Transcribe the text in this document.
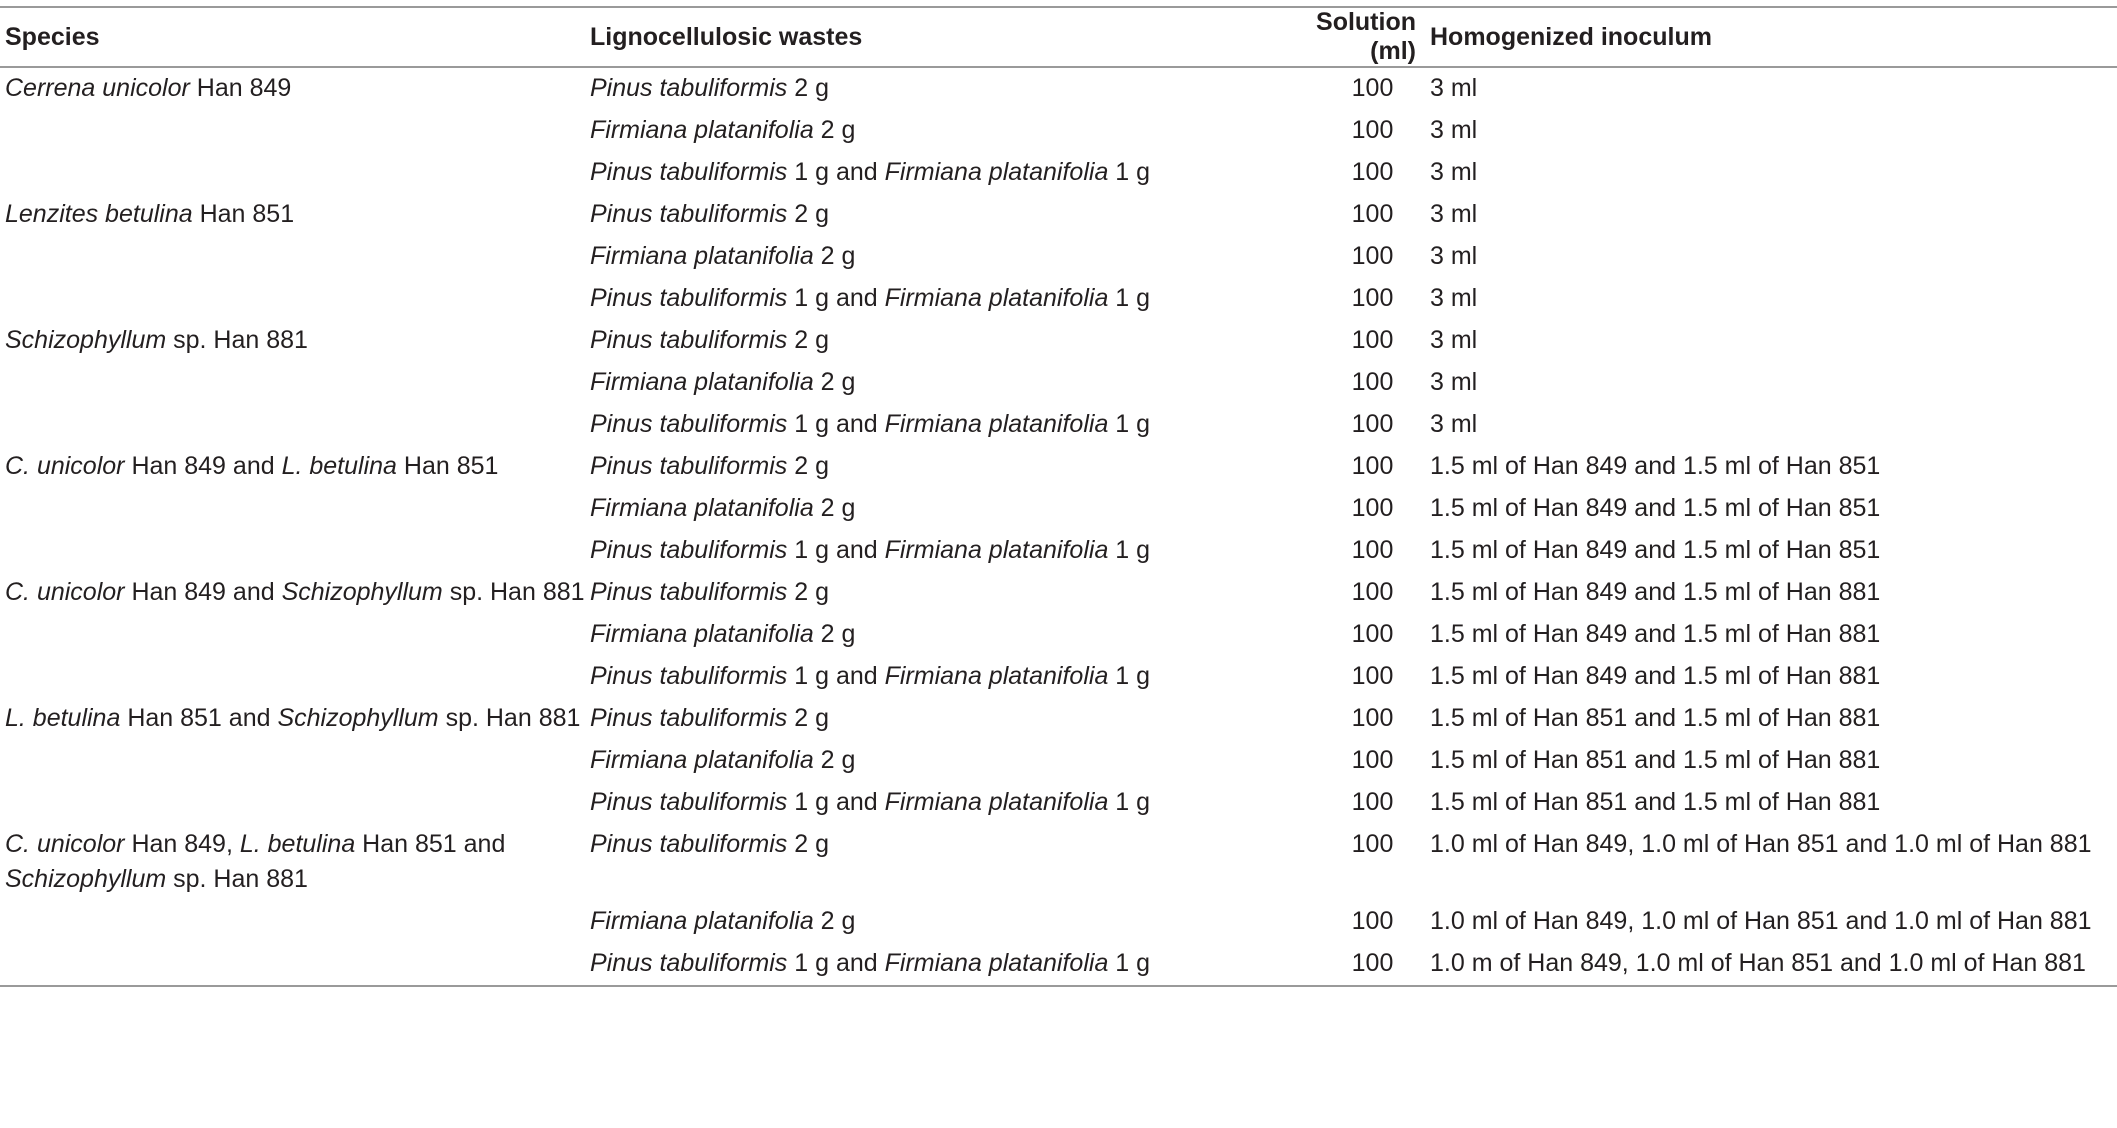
Species	Lignocellulosic wastes	Solution (ml)	Homogenized inoculum
Cerrena unicolor Han 849	Pinus tabuliformis 2 g	100	3 ml
	Firmiana platanifolia 2 g	100	3 ml
	Pinus tabuliformis 1 g and Firmiana platanifolia 1 g	100	3 ml
Lenzites betulina Han 851	Pinus tabuliformis 2 g	100	3 ml
	Firmiana platanifolia 2 g	100	3 ml
	Pinus tabuliformis 1 g and Firmiana platanifolia 1 g	100	3 ml
Schizophyllum sp. Han 881	Pinus tabuliformis 2 g	100	3 ml
	Firmiana platanifolia 2 g	100	3 ml
	Pinus tabuliformis 1 g and Firmiana platanifolia 1 g	100	3 ml
C. unicolor Han 849 and L. betulina Han 851	Pinus tabuliformis 2 g	100	1.5 ml of Han 849 and 1.5 ml of Han 851
	Firmiana platanifolia 2 g	100	1.5 ml of Han 849 and 1.5 ml of Han 851
	Pinus tabuliformis 1 g and Firmiana platanifolia 1 g	100	1.5 ml of Han 849 and 1.5 ml of Han 851
C. unicolor Han 849 and Schizophyllum sp. Han 881	Pinus tabuliformis 2 g	100	1.5 ml of Han 849 and 1.5 ml of Han 881
	Firmiana platanifolia 2 g	100	1.5 ml of Han 849 and 1.5 ml of Han 881
	Pinus tabuliformis 1 g and Firmiana platanifolia 1 g	100	1.5 ml of Han 849 and 1.5 ml of Han 881
L. betulina Han 851 and Schizophyllum sp. Han 881	Pinus tabuliformis 2 g	100	1.5 ml of Han 851 and 1.5 ml of Han 881
	Firmiana platanifolia 2 g	100	1.5 ml of Han 851 and 1.5 ml of Han 881
	Pinus tabuliformis 1 g and Firmiana platanifolia 1 g	100	1.5 ml of Han 851 and 1.5 ml of Han 881
C. unicolor Han 849, L. betulina Han 851 and Schizophyllum sp. Han 881	Pinus tabuliformis 2 g	100	1.0 ml of Han 849, 1.0 ml of Han 851 and 1.0 ml of Han 881
	Firmiana platanifolia 2 g	100	1.0 ml of Han 849, 1.0 ml of Han 851 and 1.0 ml of Han 881
	Pinus tabuliformis 1 g and Firmiana platanifolia 1 g	100	1.0 m of Han 849, 1.0 ml of Han 851 and 1.0 ml of Han 881
